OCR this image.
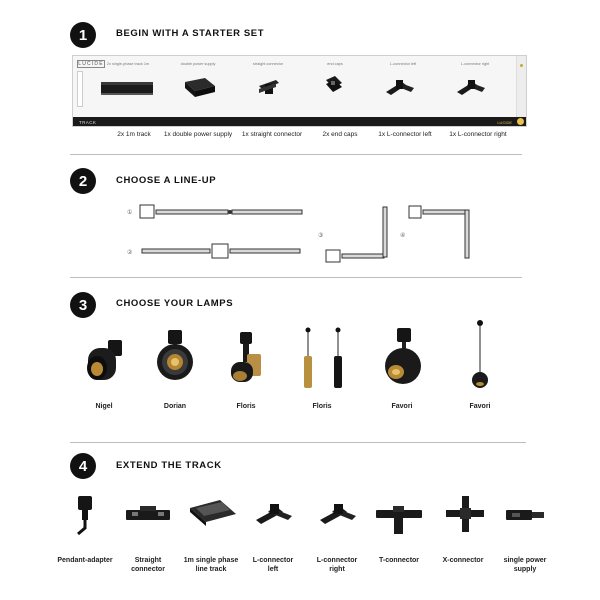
1	BEGIN WITH A STARTER SET
LUCIDE
TRACK	LUCIDE
2x single-phase track 1m	double power supply	straight connector	end caps	L-connector left	L-connector right
2x 1m track	1x double power supply	1x straight connector	2x end caps	1x L-connector left	1x L-connector right
2	CHOOSE A LINE-UP
①
②
③	④
3	CHOOSE YOUR LAMPS
Nigel	Dorian	Floris	Floris	Favori	Favori
4	EXTEND THE TRACK
Pendant-adapter	Straight
connector
1m single phase
line track
L-connector
left
L-connector
right
T-connector	X-connector	single power
supply
